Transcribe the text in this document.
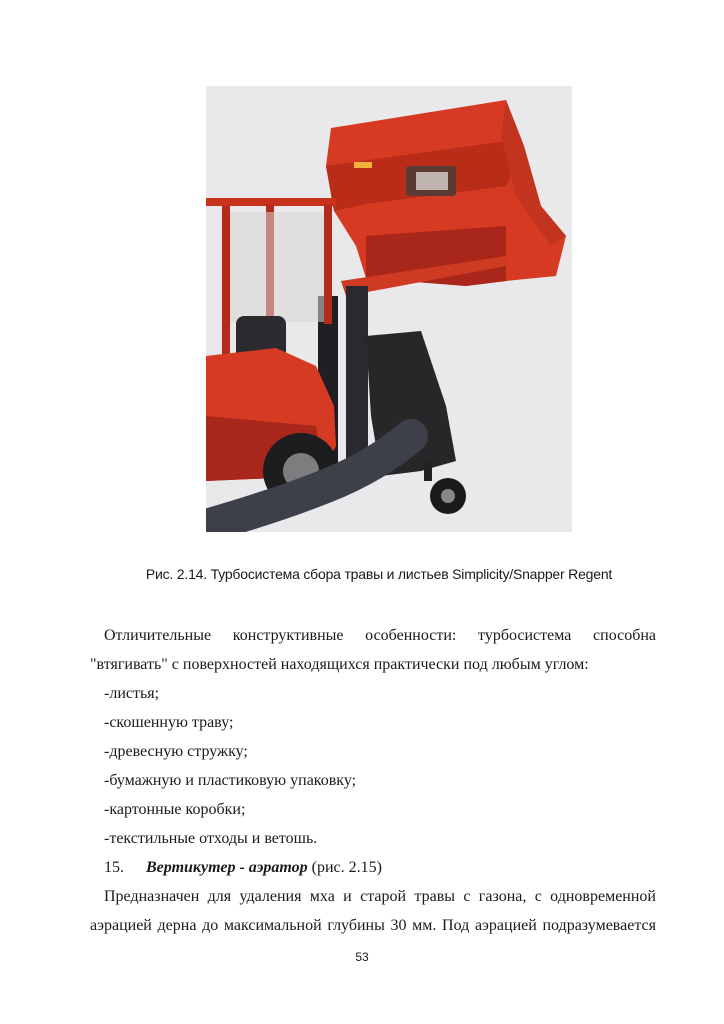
Рис. 2.14. Турбосистема сбора травы и листьев Simplicity/Snapper Regent
Отличительные конструктивные особенности: турбосистема способна
"втягивать" с поверхностей находящихся практически под любым углом:
-листья;
-скошенную траву;
-древесную стружку;
-бумажную и пластиковую упаковку;
-картонные коробки;
-текстильные отходы и ветошь.
15. Вертикутер - аэратор (рис. 2.15)
Предназначен для удаления мха и старой травы с газона, с одновременной
аэрацией дерна до максимальной глубины 30 мм. Под аэрацией подразумевается
53
